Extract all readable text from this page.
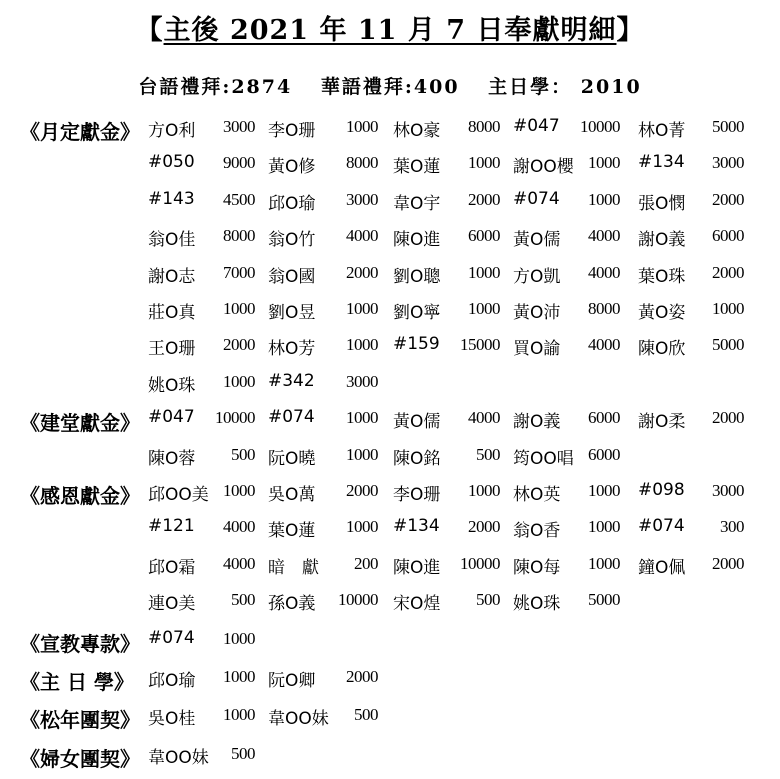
【主後 2021 年 11 月 7 日奉獻明細】
台語禮拜:2874 華語禮拜:400 主日學： 2010
《月定獻金》 方O利 3000 李O珊 1000 林O豪 8000 #047 10000 林O菁 5000
#050 9000 黃O修 8000 葉O蓮 1000 謝OO櫻 1000 #134 3000
#143 4500 邱O瑜 3000 韋O宇 2000 #074 1000 張O憫 2000
翁O佳 8000 翁O竹 4000 陳O進 6000 黃O儒 4000 謝O義 6000
謝O志 7000 翁O國 2000 劉O聰 1000 方O凱 4000 葉O珠 2000
莊O真 1000 劉O昱 1000 劉O寧 1000 黃O沛 8000 黃O姿 1000
王O珊 2000 林O芳 1000 #159 15000 買O諭 4000 陳O欣 5000
姚O珠 1000 #342 3000
《建堂獻金》 #047 10000 #074 1000 黃O儒 4000 謝O義 6000 謝O柔 2000
陳O蓉 500 阮O曉 1000 陳O銘 500 筠OO唱 6000
《感恩獻金》 邱OO美 1000 吳O萬 2000 李O珊 1000 林O英 1000 #098 3000
#121 4000 葉O蓮 1000 #134 2000 翁O香 1000 #074 300
邱O霜 4000 暗　獻 200 陳O進 10000 陳O每 1000 鐘O佩 2000
連O美 500 孫O義 10000 宋O煌 500 姚O珠 5000
《宣教專款》 #074 1000
《主 日 學》 邱O瑜 1000 阮O卿 2000
《松年團契》 吳O桂 1000 韋OO妹 500
《婦女團契》 韋OO妹 500
